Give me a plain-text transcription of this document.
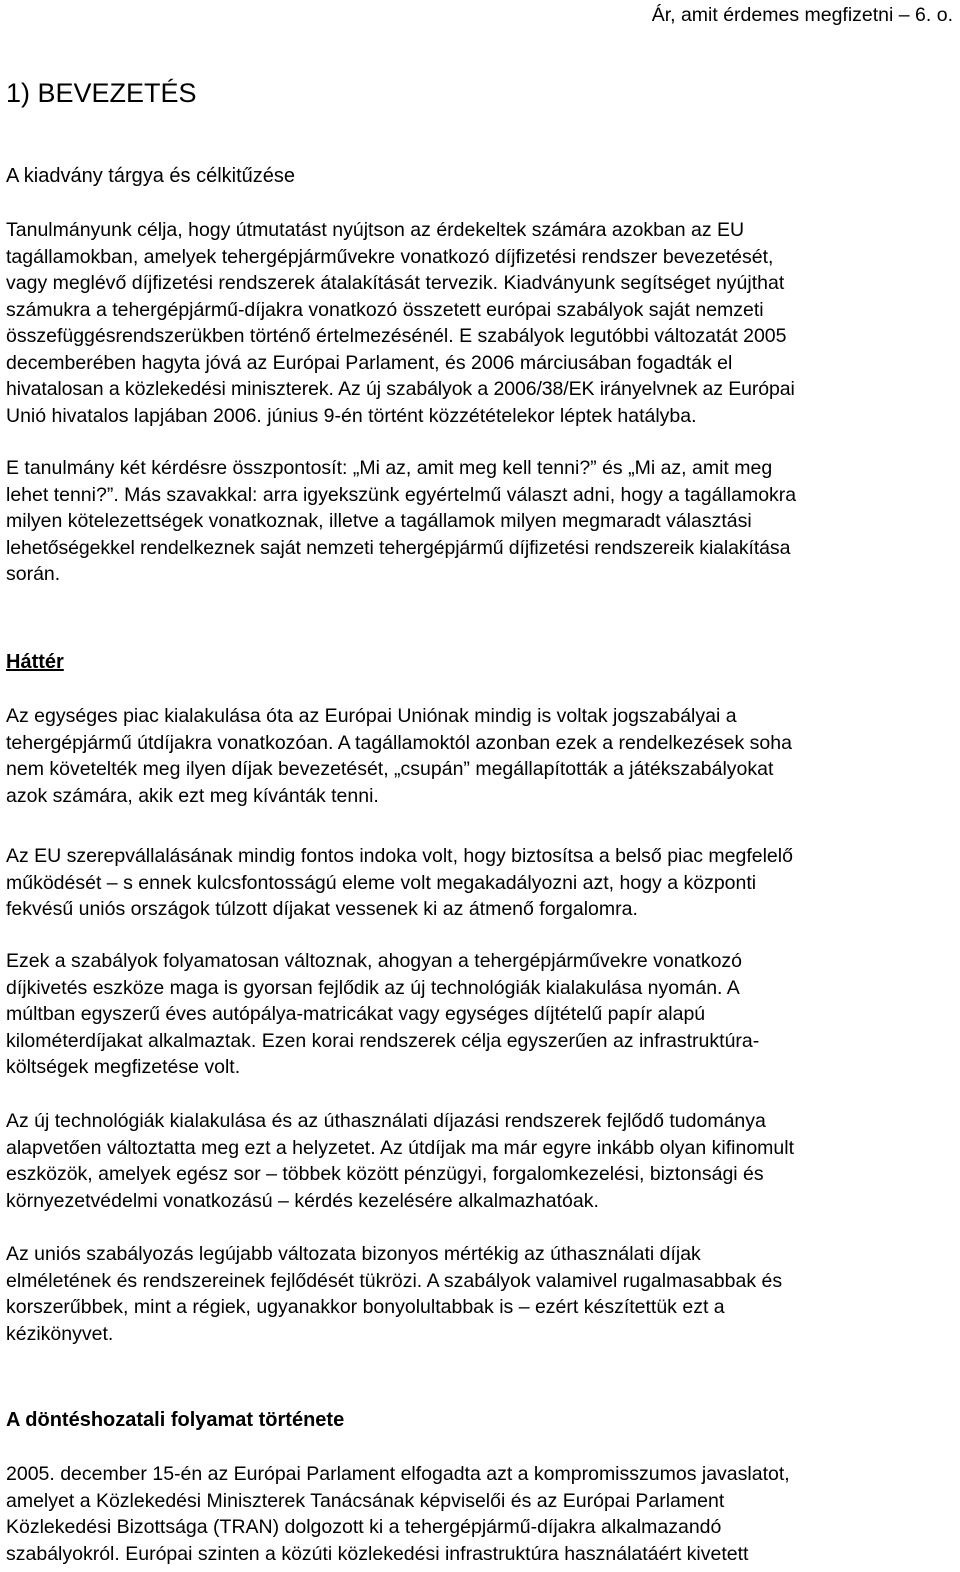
Ár, amit érdemes megfizetni – 6. o.
1) BEVEZETÉS
A kiadvány tárgya és célkitűzése

Tanulmányunk célja, hogy útmutatást nyújtson az érdekeltek számára azokban az EU
tagállamokban, amelyek tehergépjárművekre vonatkozó díjfizetési rendszer bevezetését,
vagy meglévő díjfizetési rendszerek átalakítását tervezik. Kiadványunk segítséget nyújthat
számukra a tehergépjármű-díjakra vonatkozó összetett európai szabályok saját nemzeti
összefüggésrendszerükben történő értelmezésénél. E szabályok legutóbbi változatát 2005
decemberében hagyta jóvá az Európai Parlament, és 2006 márciusában fogadták el
hivatalosan a közlekedési miniszterek. Az új szabályok a 2006/38/EK irányelvnek az Európai
Unió hivatalos lapjában 2006. június 9-én történt közzétételekor léptek hatályba.

E tanulmány két kérdésre összpontosít: „Mi az, amit meg kell tenni?” és „Mi az, amit meg
lehet tenni?”. Más szavakkal: arra igyekszünk egyértelmű választ adni, hogy a tagállamokra
milyen kötelezettségek vonatkoznak, illetve a tagállamok milyen megmaradt választási
lehetőségekkel rendelkeznek saját nemzeti tehergépjármű díjfizetési rendszereik kialakítása
során.

Háttér

Az egységes piac kialakulása óta az Európai Uniónak mindig is voltak jogszabályai a
tehergépjármű útdíjakra vonatkozóan. A tagállamoktól azonban ezek a rendelkezések soha
nem követelték meg ilyen díjak bevezetését, „csupán” megállapították a játékszabályokat
azok számára, akik ezt meg kívánták tenni.

Az EU szerepvállalásának mindig fontos indoka volt, hogy biztosítsa a belső piac megfelelő
működését – s ennek kulcsfontosságú eleme volt megakadályozni azt, hogy a központi
fekvésű uniós országok túlzott díjakat vessenek ki az átmenő forgalomra.

Ezek a szabályok folyamatosan változnak, ahogyan a tehergépjárművekre vonatkozó
díjkivetés eszköze maga is gyorsan fejlődik az új technológiák kialakulása nyomán. A
múltban egyszerű éves autópálya-matricákat vagy egységes díjtételű papír alapú
kilométerdíjakat alkalmaztak. Ezen korai rendszerek célja egyszerűen az infrastruktúra-
költségek megfizetése volt.

Az új technológiák kialakulása és az úthasználati díjazási rendszerek fejlődő tudománya
alapvetően változtatta meg ezt a helyzetet. Az útdíjak ma már egyre inkább olyan kifinomult
eszközök, amelyek egész sor – többek között pénzügyi, forgalomkezelési, biztonsági és
környezetvédelmi vonatkozású – kérdés kezelésére alkalmazhatóak.

Az uniós szabályozás legújabb változata bizonyos mértékig az úthasználati díjak
elméletének és rendszereinek fejlődését tükrözi. A szabályok valamivel rugalmasabbak és
korszerűbbek, mint a régiek, ugyanakkor bonyolultabbak is – ezért készítettük ezt a
kézikönyvet.

A döntéshozatali folyamat története

2005. december 15-én az Európai Parlament elfogadta azt a kompromisszumos javaslatot,
amelyet a Közlekedési Miniszterek Tanácsának képviselői és az Európai Parlament
Közlekedési Bizottsága (TRAN) dolgozott ki a tehergépjármű-díjakra alkalmazandó
szabályokról. Európai szinten a közúti közlekedési infrastruktúra használatáért kivetett
